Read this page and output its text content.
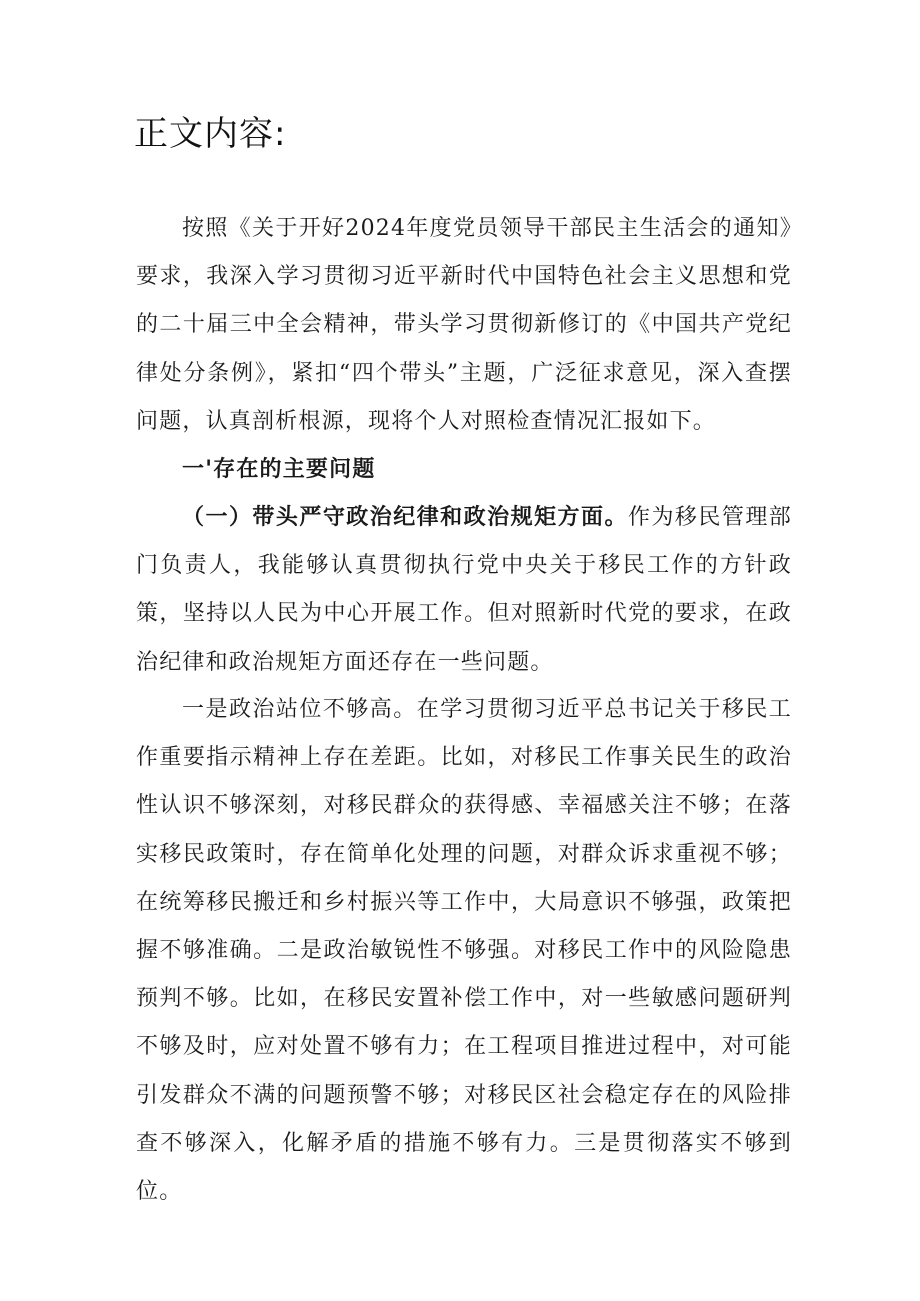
正文内容:

按照《关于开好2024年度党员领导干部民主生活会的通知》要求，我深入学习贯彻习近平新时代中国特色社会主义思想和党的二十届三中全会精神，带头学习贯彻新修订的《中国共产党纪律处分条例》，紧扣“四个带头”主题，广泛征求意见，深入查摆问题，认真剖析根源，现将个人对照检查情况汇报如下。

一'存在的主要问题

（一）带头严守政治纪律和政治规矩方面。作为移民管理部门负责人，我能够认真贯彻执行党中央关于移民工作的方针政策，坚持以人民为中心开展工作。但对照新时代党的要求，在政治纪律和政治规矩方面还存在一些问题。

一是政治站位不够高。在学习贯彻习近平总书记关于移民工作重要指示精神上存在差距。比如，对移民工作事关民生的政治性认识不够深刻，对移民群众的获得感、幸福感关注不够；在落实移民政策时，存在简单化处理的问题，对群众诉求重视不够；在统筹移民搬迁和乡村振兴等工作中，大局意识不够强，政策把握不够准确。二是政治敏锐性不够强。对移民工作中的风险隐患预判不够。比如，在移民安置补偿工作中，对一些敏感问题研判不够及时，应对处置不够有力；在工程项目推进过程中，对可能引发群众不满的问题预警不够；对移民区社会稳定存在的风险排查不够深入，化解矛盾的措施不够有力。三是贯彻落实不够到位。
